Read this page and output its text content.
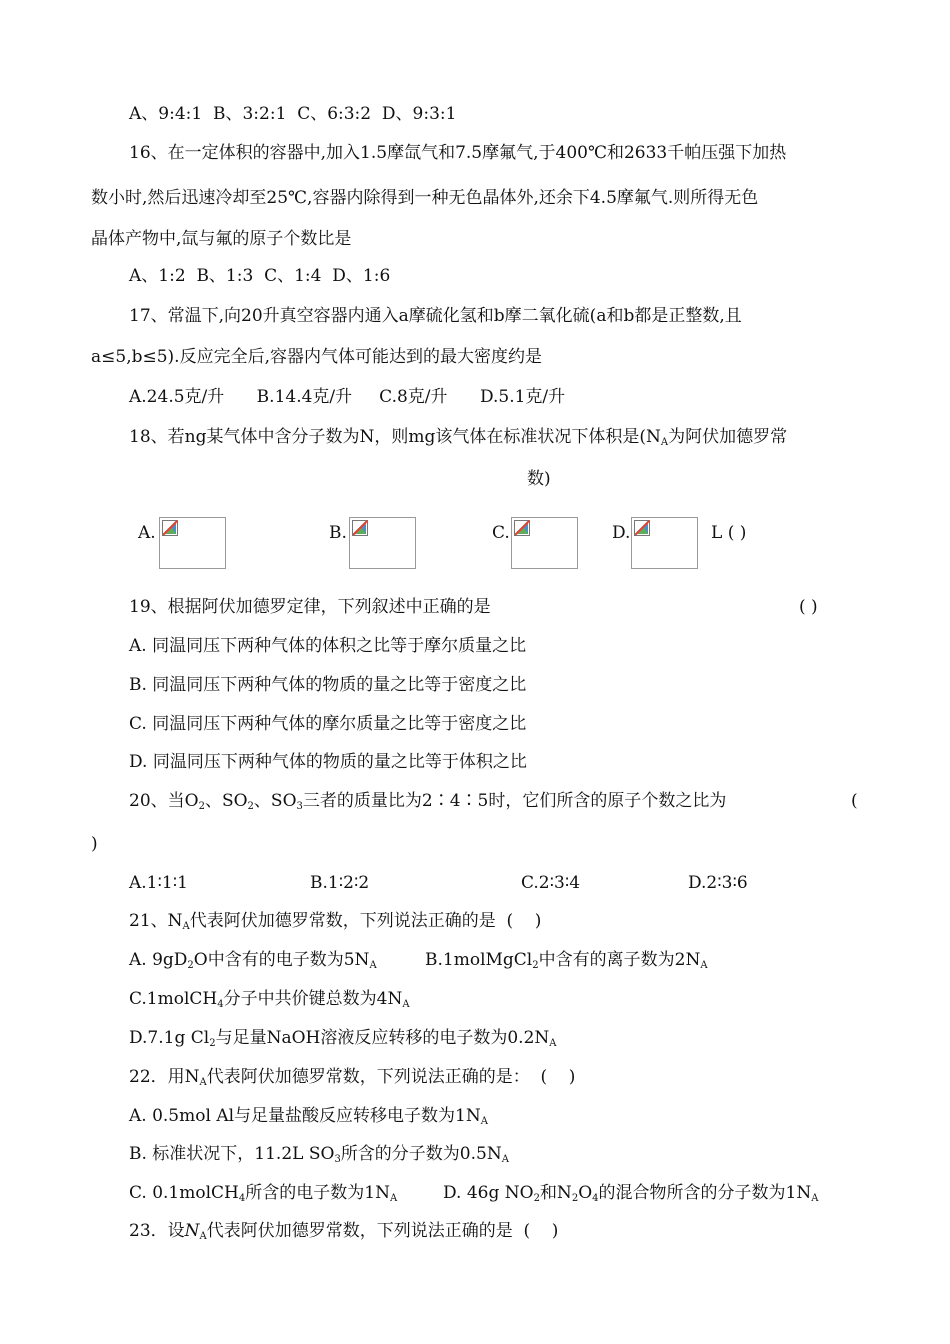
A、9:4:1  B、3:2:1  C、6:3:2  D、9:3:1
16、在一定体积的容器中,加入1.5摩氙气和7.5摩氟气,于400℃和2633千帕压强下加热
数小时,然后迅速冷却至25℃,容器内除得到一种无色晶体外,还余下4.5摩氟气.则所得无色
晶体产物中,氙与氟的原子个数比是
A、1:2  B、1:3  C、1:4  D、1:6
17、常温下,向20升真空容器内通入a摩硫化氢和b摩二氧化硫(a和b都是正整数,且
a≤5,b≤5).反应完全后,容器内气体可能达到的最大密度约是
A.24.5克/升      B.14.4克/升     C.8克/升      D.5.1克/升
18、若ng某气体中含分子数为N，则mg该气体在标准状况下体积是($N_A$为阿伏加德罗常
数)
A.	B.	C.	D.	L ( )
19、根据阿伏加德罗定律，下列叙述中正确的是	( )
A. 同温同压下两种气体的体积之比等于摩尔质量之比
B. 同温同压下两种气体的物质的量之比等于密度之比
C. 同温同压下两种气体的摩尔质量之比等于密度之比
D. 同温同压下两种气体的物质的量之比等于体积之比
20、当$O_2$、$SO_2$、$SO_3$三者的质量比为2∶4∶5时，它们所含的原子个数之比为	(
)
A.1∶1∶1	B.1∶2∶2	C.2∶3∶4	D.2∶3∶6
21、$N_A$代表阿伏加德罗常数，下列说法正确的是  (    )
A. $9gD_2O$中含有的电子数为$5N_A$	B.1molMgCl$_2$中含有的离子数为$2N_A$
C.1molCH$_4$分子中共价键总数为$4N_A$
D.7.1g $Cl_2$与足量NaOH溶液反应转移的电子数为$0.2N_A$
22．用$N_A$代表阿伏加德罗常数，下列说法正确的是：  (    )
A. 0.5mol Al与足量盐酸反应转移电子数为$1N_A$
B. 标准状况下，11.2L $SO_3$所含的分子数为$0.5N_A$
C. 0.1molCH$_4$所含的电子数为$1N_A$	D. 46g $NO_2$和$N_2O_4$的混合物所含的分子数为$1N_A$
23．设$N_A$代表阿伏加德罗常数，下列说法正确的是  (    )
